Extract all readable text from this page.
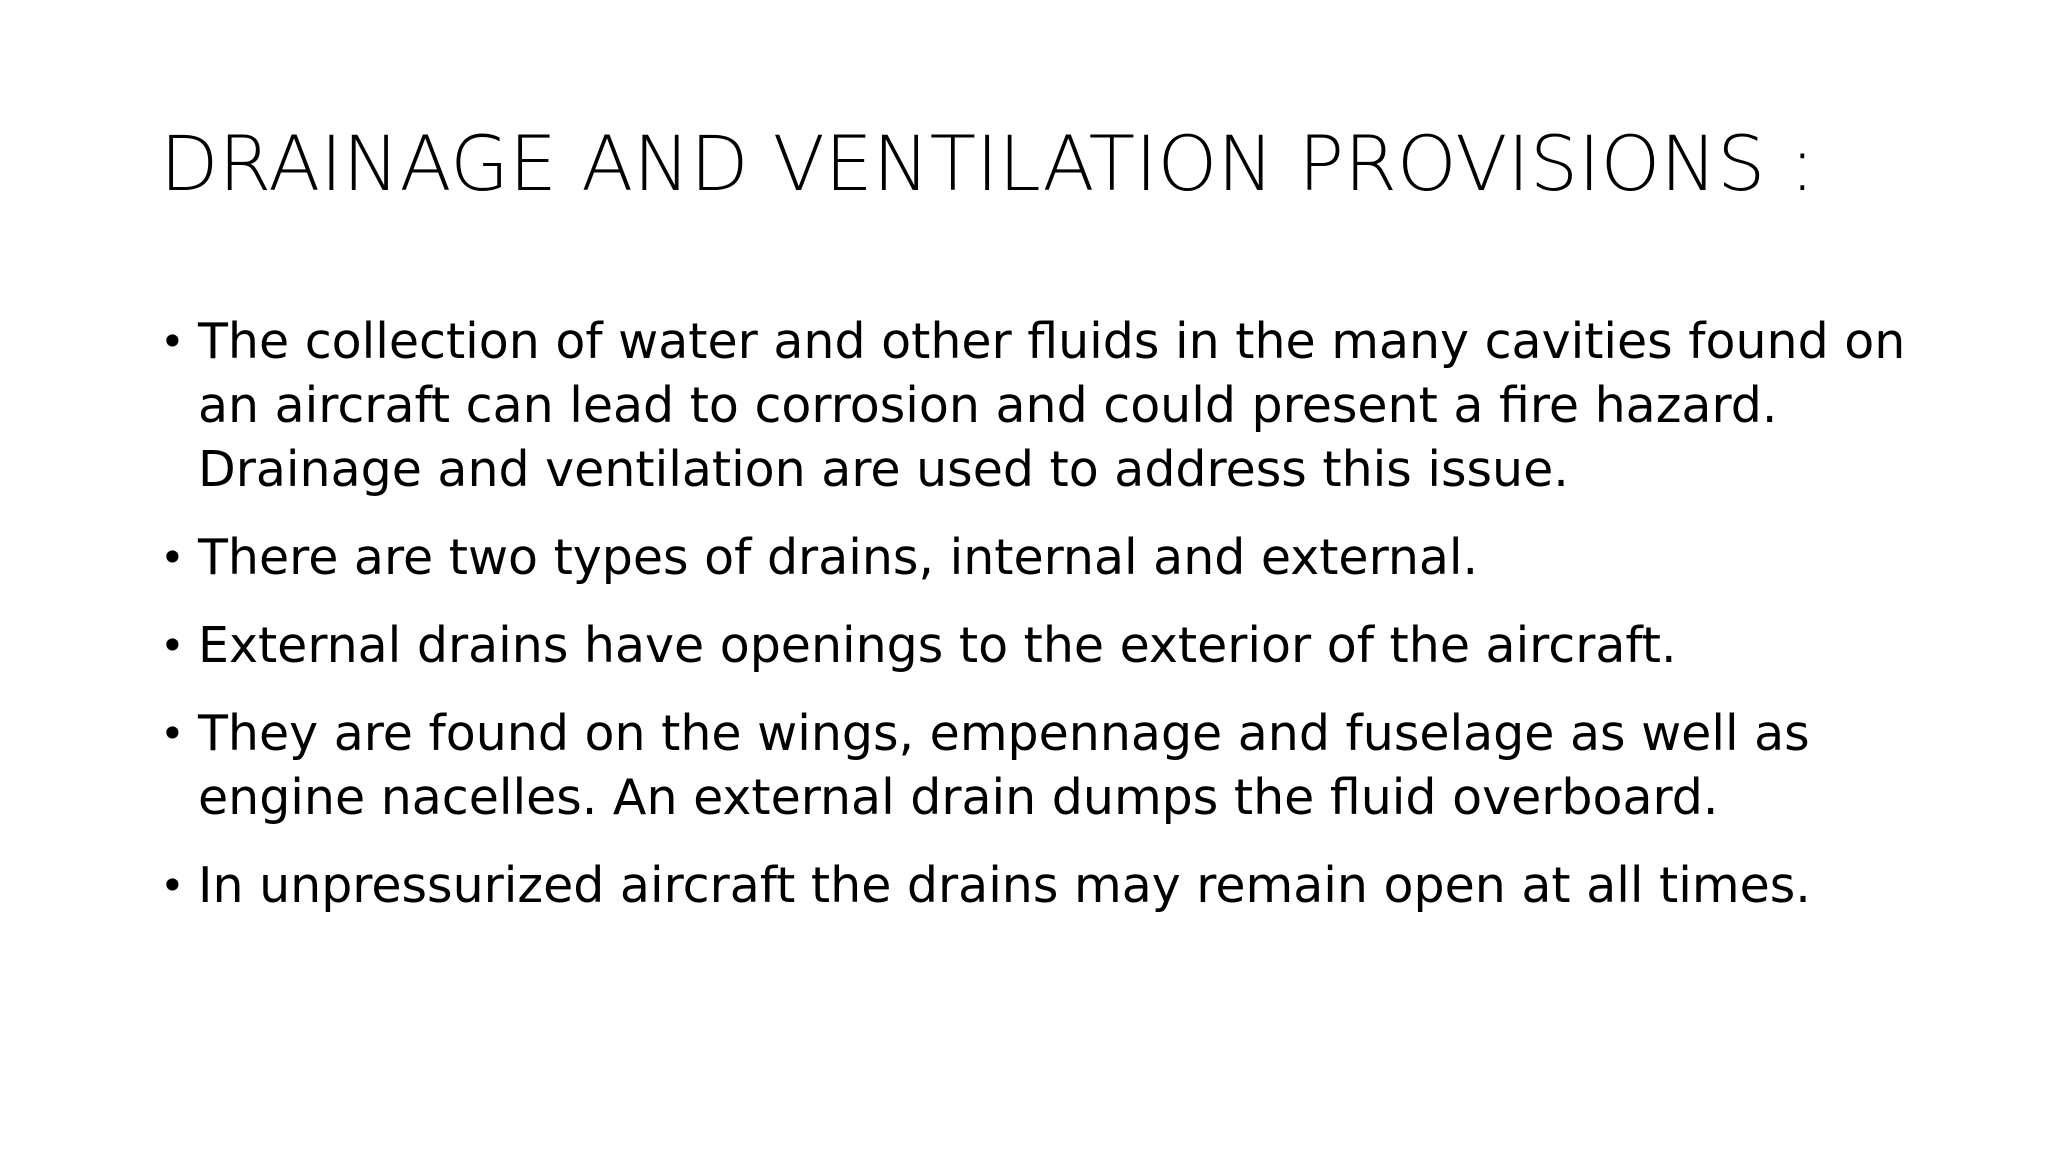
DRAINAGE AND VENTILATION PROVISIONS :
• The collection of water and other fluids in the many cavities found on an aircraft can lead to corrosion and could present a fire hazard. Drainage and ventilation are used to address this issue.
• There are two types of drains, internal and external.
• External drains have openings to the exterior of the aircraft.
• They are found on the wings, empennage and fuselage as well as engine nacelles. An external drain dumps the fluid overboard.
• In unpressurized aircraft the drains may remain open at all times.
